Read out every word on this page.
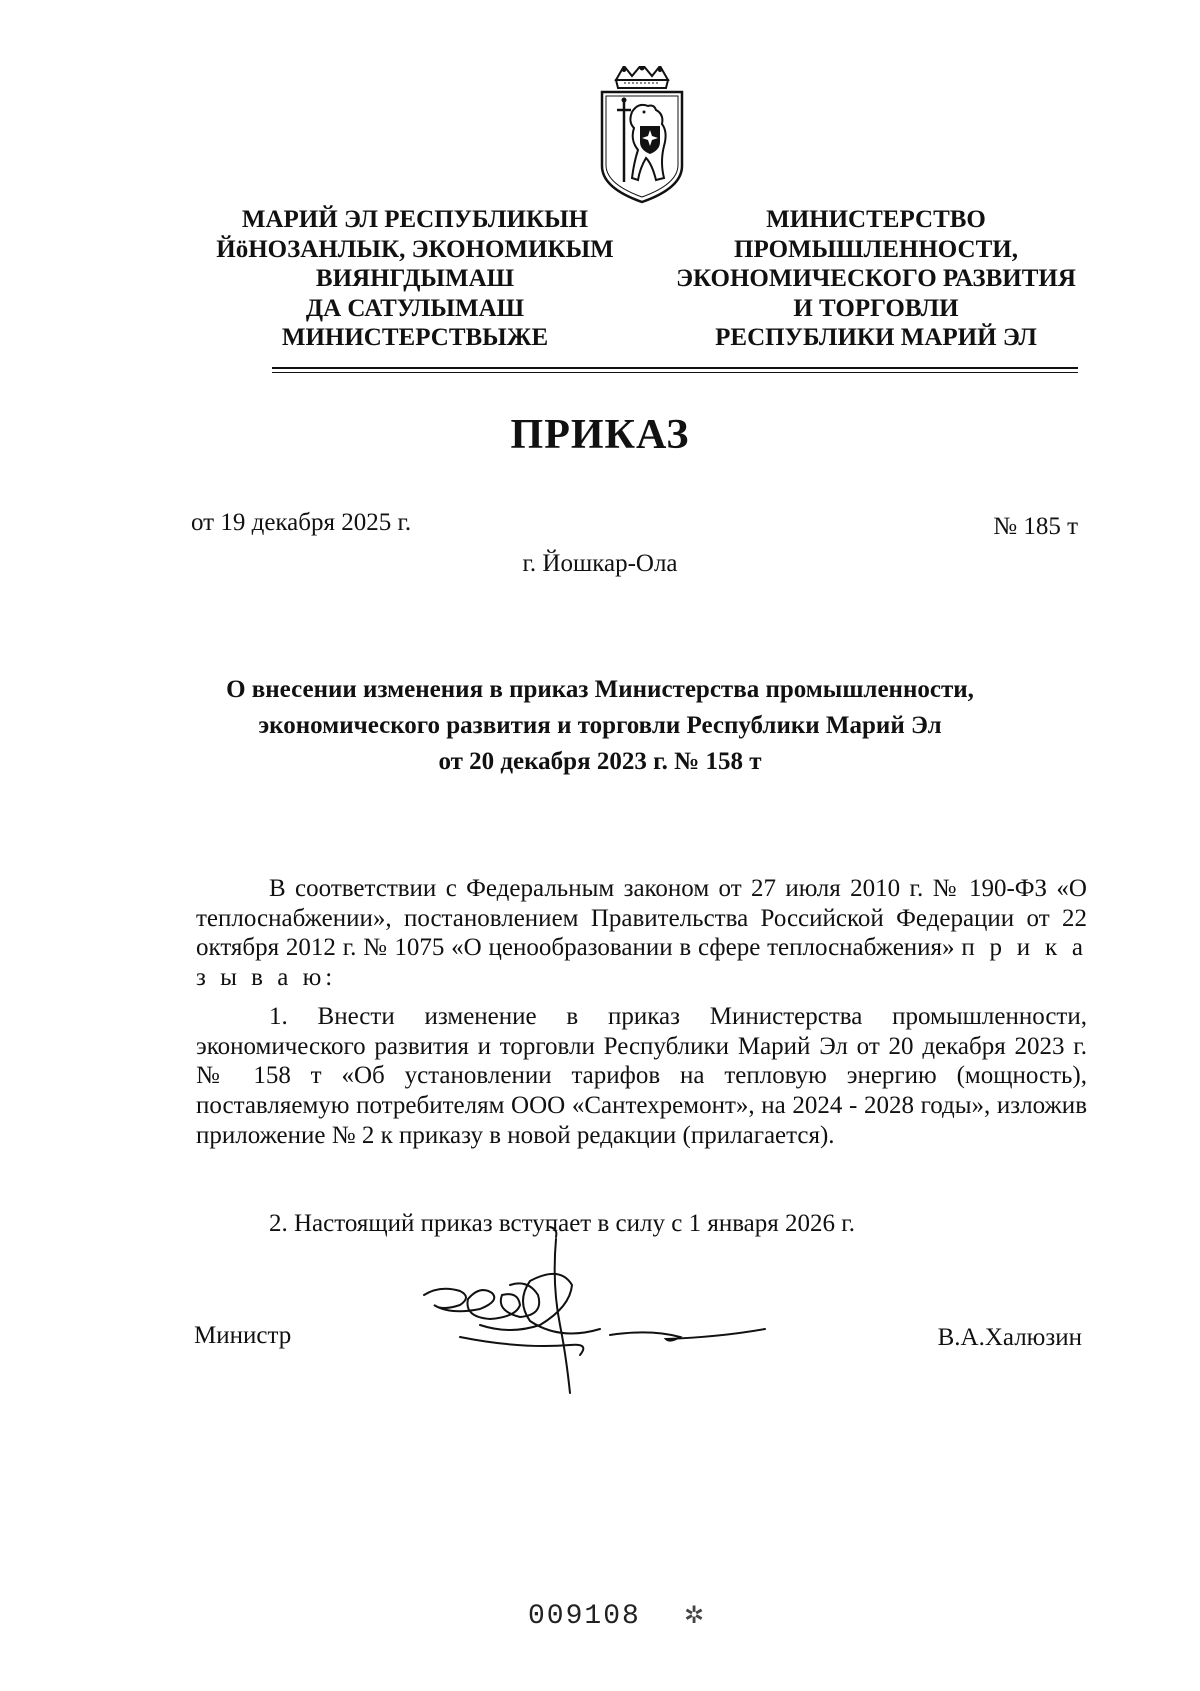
МАРИЙ ЭЛ РЕСПУБЛИКЫН

ЙӧНОЗАНЛЫК, ЭКОНОМИКЫМ

ВИЯНГДЫМАШ

ДА САТУЛЫМАШ

МИНИСТЕРСТВЫЖЕ

МИНИСТЕРСТВО

ПРОМЫШЛЕННОСТИ,

ЭКОНОМИЧЕСКОГО РАЗВИТИЯ

И ТОРГОВЛИ

РЕСПУБЛИКИ МАРИЙ ЭЛ

ПРИКАЗ
от 19 декабря 2025 г.	№ 185 т
г. Йошкар-Ола
О внесении изменения в приказ Министерства промышленности,
экономического развития и торговли Республики Марий Эл
от 20 декабря 2023 г. № 158 т

В соответствии с Федеральным законом от 27 июля 2010 г. № 190-ФЗ «О теплоснабжении», постановлением Правительства Российской Федерации от 22 октября 2012 г. № 1075 «О ценообразовании в сфере теплоснабжения» п р и к а з ы в а ю:

1. Внести изменение в приказ Министерства промышленности, экономического развития и торговли Республики Марий Эл от 20 декабря 2023 г. № 158 т «Об установлении тарифов на тепловую энергию (мощность), поставляемую потребителям ООО «Сантехремонт», на 2024 - 2028 годы», изложив приложение № 2 к приказу в новой редакции (прилагается).

2. Настоящий приказ вступает в силу с 1 января 2026 г.

Министр	В.А.Халюзин
009108 ✲
